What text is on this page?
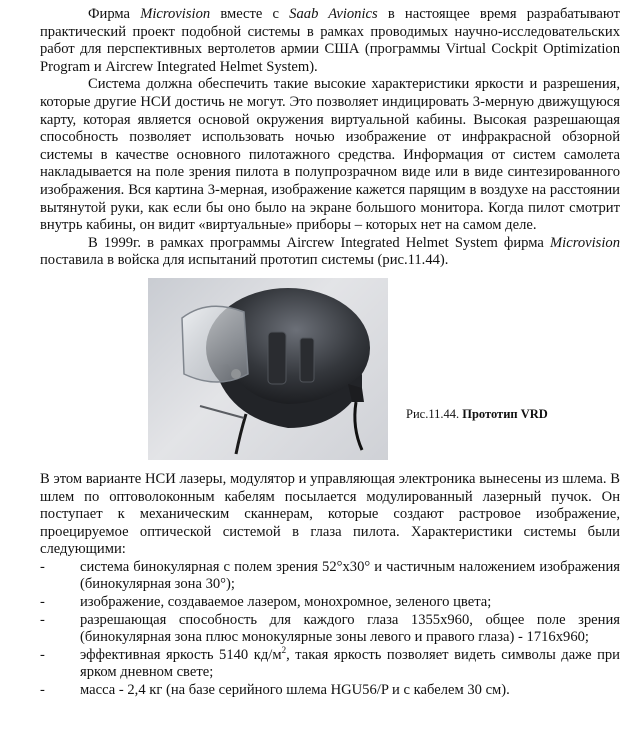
Фирма Microvision вместе с Saab Avionics в настоящее время разрабатывают практический проект подобной системы в рамках проводимых научно-исследовательских работ для перспективных вертолетов армии США (программы Virtual Cockpit Optimization Program и Aircrew Integrated Helmet System).

Система должна обеспечить такие высокие характеристики яркости и разрешения, которые другие НСИ достичь не могут. Это позволяет индицировать 3-мерную движущуюся карту, которая является основой окружения виртуальной кабины. Высокая разрешающая способность позволяет использовать ночью изображение от инфракрасной обзорной системы в качестве основного пилотажного средства. Информация от систем самолета накладывается на поле зрения пилота в полупрозрачном виде или в виде синтезированного изображения. Вся картина 3-мерная, изображение кажется парящим в воздухе на расстоянии вытянутой руки, как если бы оно было на экране большого монитора. Когда пилот смотрит внутрь кабины, он видит «виртуальные» приборы – которых нет на самом деле.

В 1999г. в рамках программы Aircrew Integrated Helmet System фирма Microvision поставила в войска для испытаний прототип системы (рис.11.44).

Рис.11.44. Прототип VRD

В этом варианте НСИ лазеры, модулятор и управляющая электроника вынесены из шлема. В шлем по оптоволоконным кабелям посылается модулированный лазерный пучок. Он поступает к механическим сканнерам, которые создают растровое изображение, проецируемое оптической системой в глаза пилота. Характеристики системы были следующими:

- система бинокулярная с полем зрения 52°x30° и частичным наложением изображения (бинокулярная зона 30°);
- изображение, создаваемое лазером, монохромное, зеленого цвета;
- разрешающая способность для каждого глаза 1355x960, общее поле зрения (бинокулярная зона плюс монокулярные зоны левого и правого глаза) - 1716x960;
- эффективная яркость 5140 $кд/м^2$, такая яркость позволяет видеть символы даже при ярком дневном свете;
- масса - 2,4 кг (на базе серийного шлема HGU56/P и с кабелем 30 см).
